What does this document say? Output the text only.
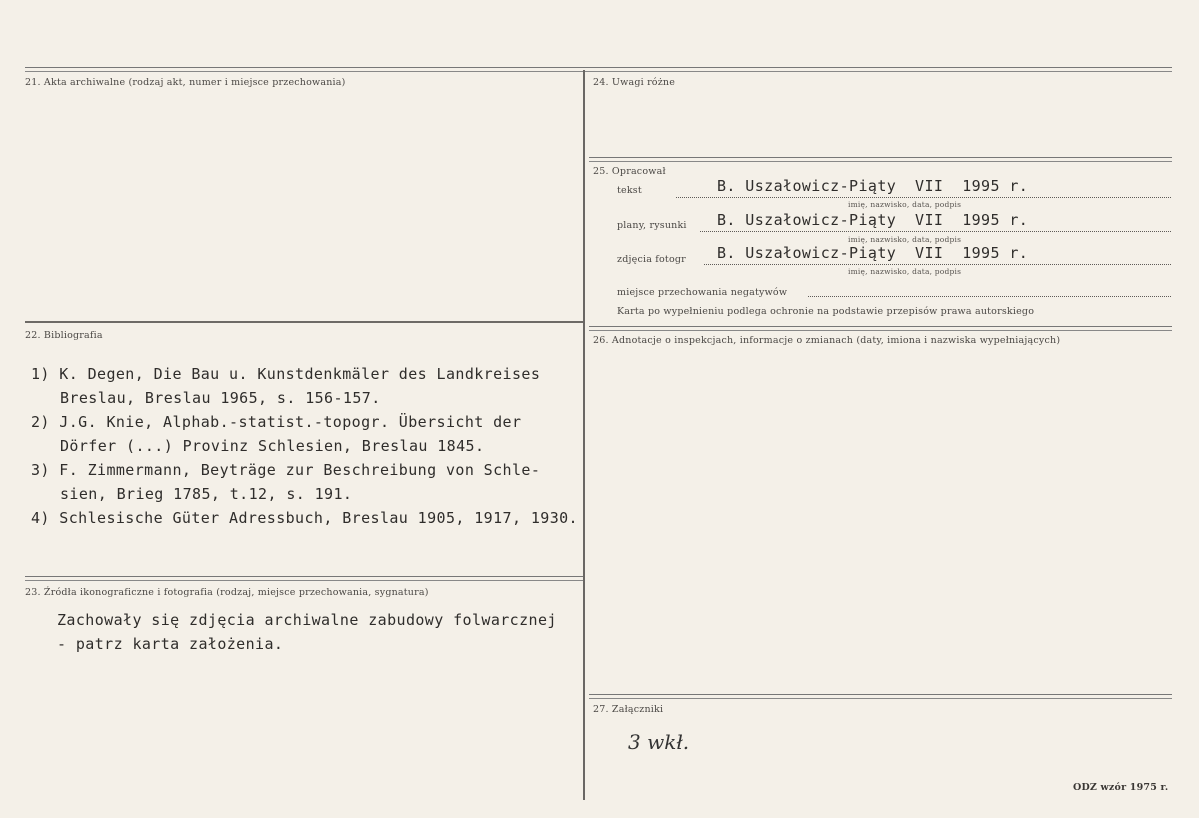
21. Akta archiwalne (rodzaj akt, numer i miejsce przechowania)
22. Bibliografia
1) K. Degen, Die Bau u. Kunstdenkmäler des Landkreises
Breslau, Breslau 1965, s. 156-157.
2) J.G. Knie, Alphab.-statist.-topogr. Übersicht der
Dörfer (...) Provinz Schlesien, Breslau 1845.
3) F. Zimmermann, Beyträge zur Beschreibung von Schle-
sien, Brieg 1785, t.12, s. 191.
4) Schlesische Güter Adressbuch, Breslau 1905, 1917, 1930.
23. Źródła ikonograficzne i fotografia (rodzaj, miejsce przechowania, sygnatura)
Zachowały się zdjęcia archiwalne zabudowy folwarcznej
- patrz karta założenia.
24. Uwagi różne
25. Opracował
tekst	B. Uszałowicz-Piąty  VII  1995 r.
imię, nazwisko, data, podpis
plany, rysunki B. Uszałowicz-Piąty  VII  1995 r.
imię, nazwisko, data, podpis
zdjęcia fotogr B. Uszałowicz-Piąty  VII  1995 r.
imię, nazwisko, data, podpis
miejsce przechowania negatywów
Karta po wypełnieniu podlega ochronie na podstawie przepisów prawa autorskiego
26. Adnotacje o inspekcjach, informacje o zmianach (daty, imiona i nazwiska wypełniających)
27. Załączniki
3 wkł.
ODZ wzór 1975 r.
